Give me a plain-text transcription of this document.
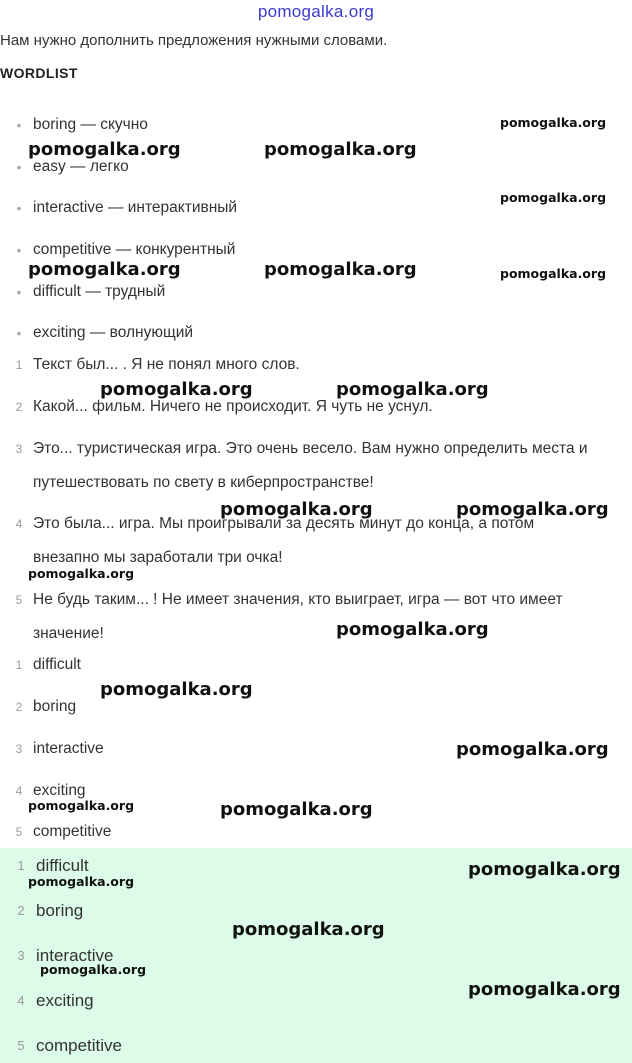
pomogalka.org
Нам нужно дополнить предложения нужными словами.
WORDLIST
• boring — скучно
• easy — легко
• interactive — интерактивный
• competitive — конкурентный
• difficult — трудный
• exciting — волнующий
1 Текст был... . Я не понял много слов.
2 Какой... фильм. Ничего не происходит. Я чуть не уснул.
3 Это... туристическая игра. Это очень весело. Вам нужно определить места и путешествовать по свету в киберпространстве!
4 Это была... игра. Мы проигрывали за десять минут до конца, а потом внезапно мы заработали три очка!
5 Не будь таким... ! Не имеет значения, кто выиграет, игра — вот что имеет значение!
1 difficult
2 boring
3 interactive
4 exciting
5 competitive
1 difficult
2 boring
3 interactive
4 exciting
5 competitive
pomogalka.org
pomogalka.org	pomogalka.org
pomogalka.org
pomogalka.org	pomogalka.org	pomogalka.org
pomogalka.org	pomogalka.org
pomogalka.org	pomogalka.org
pomogalka.org
pomogalka.org
pomogalka.org
pomogalka.org
pomogalka.org	pomogalka.org
pomogalka.org
pomogalka.org
pomogalka.org
pomogalka.org
pomogalka.org
